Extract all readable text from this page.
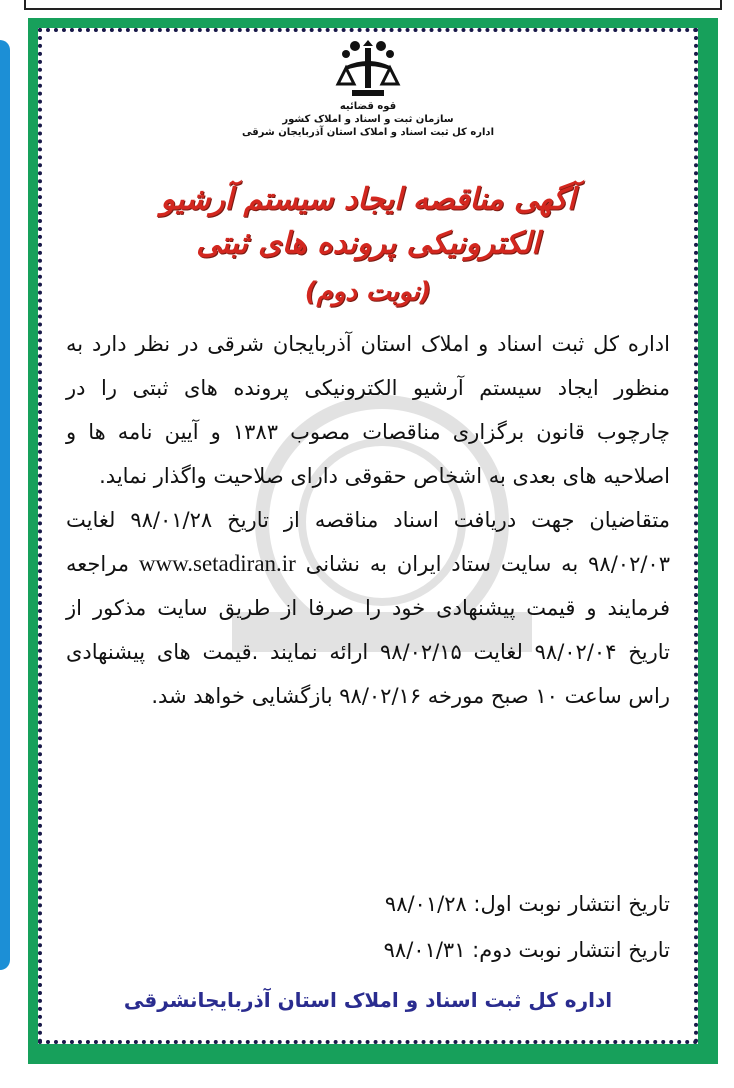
قوه قضائیه
سازمان ثبت و اسناد و املاک کشور
اداره کل ثبت اسناد و املاک استان آذربایجان شرقی
آگهی مناقصه ایجاد سیستم آرشیو
الکترونیکی پرونده های ثبتی
(نوبت دوم)

اداره کل ثبت اسناد و املاک استان آذربایجان شرقی در نظر دارد به منظور ایجاد سیستم آرشیو الکترونیکی پرونده های ثبتی را در چارچوب قانون برگزاری مناقصات مصوب ۱۳۸۳ و آیین نامه ها و اصلاحیه های بعدی به اشخاص حقوقی دارای صلاحیت واگذار نماید.

متقاضیان جهت دریافت اسناد مناقصه از تاریخ ۹۸/۰۱/۲۸ لغایت ۹۸/۰۲/۰۳ به سایت ستاد ایران به نشانی www.setadiran.ir مراجعه فرمایند و قیمت پیشنهادی خود را صرفا از طریق سایت مذکور از تاریخ ۹۸/۰۲/۰۴ لغایت ۹۸/۰۲/۱۵ ارائه نمایند .قیمت های پیشنهادی راس ساعت ۱۰ صبح مورخه ۹۸/۰۲/۱۶ بازگشایی خواهد شد.

تاریخ انتشار نوبت اول: ۹۸/۰۱/۲۸
تاریخ انتشار نوبت دوم: ۹۸/۰۱/۳۱
اداره کل ثبت اسناد و املاک استان آذربایجانشرقی
